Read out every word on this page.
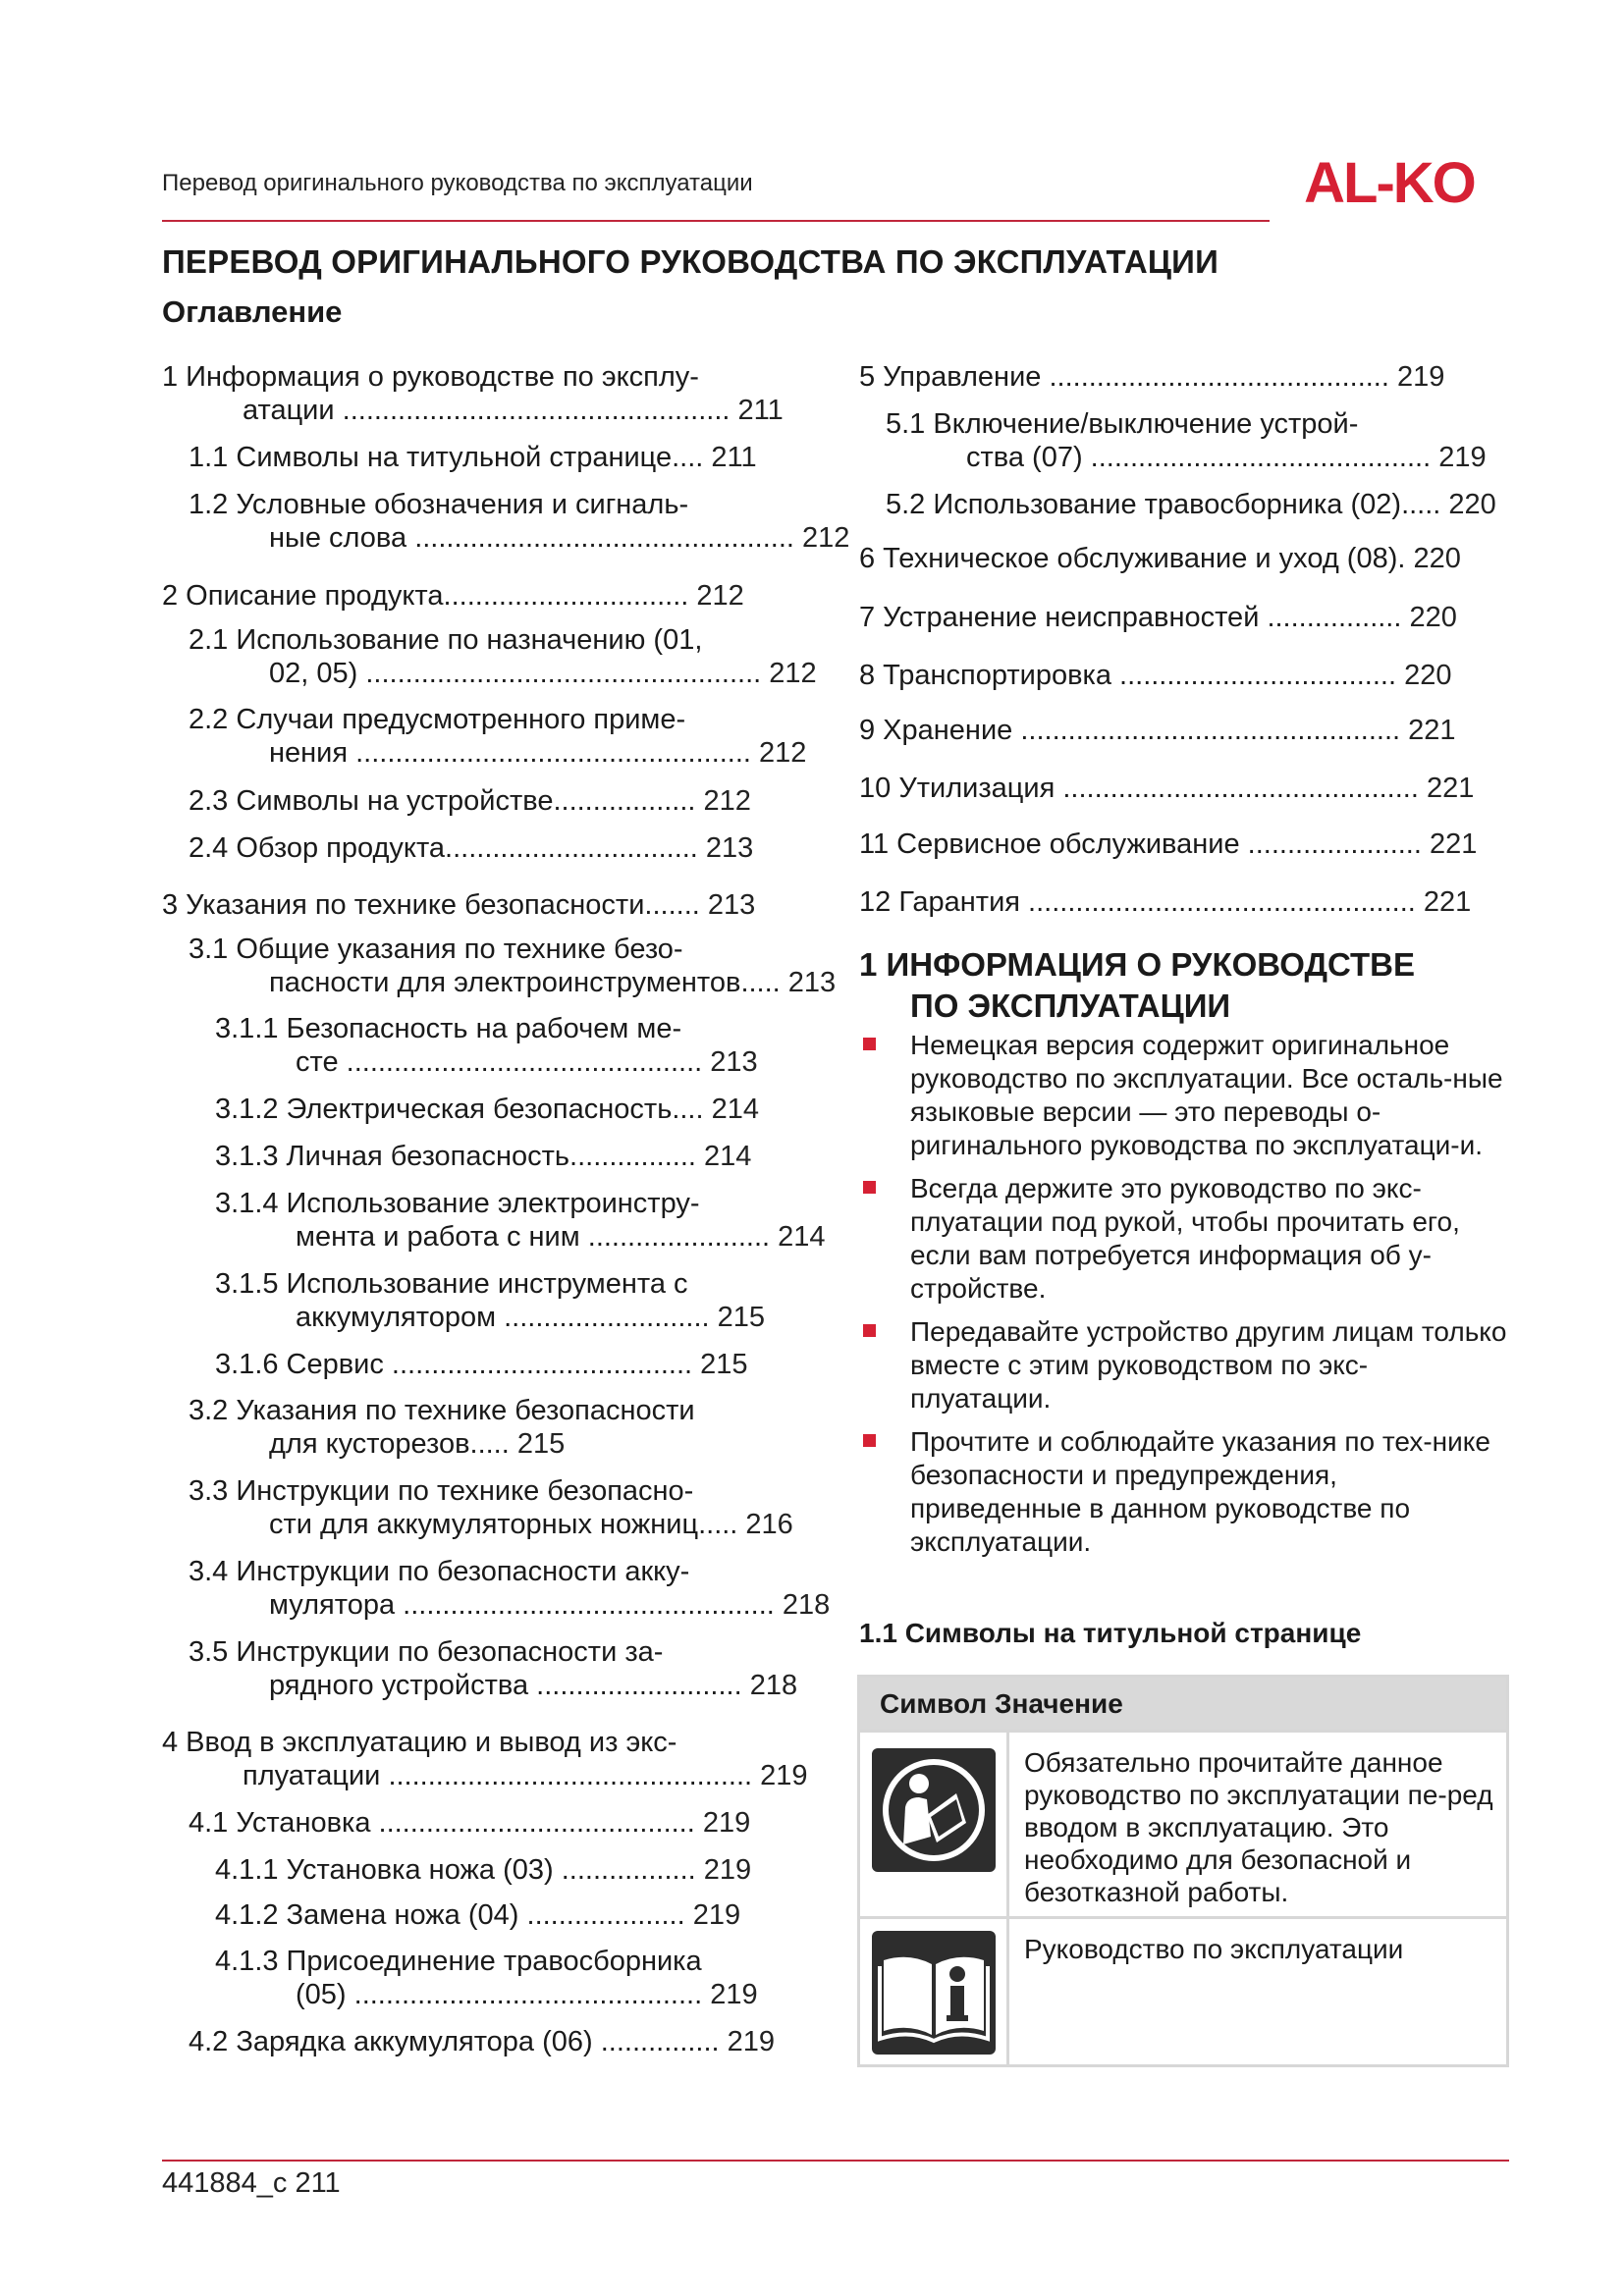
Перевод оригинального руководства по эксплуатации	AL-KO
ПЕРЕВОД ОРИГИНАЛЬНОГО РУКОВОДСТВА ПО ЭКСПЛУАТАЦИИ
Оглавление
1 Информация о руководстве по эксплу-
атации ................................................. 211
1.1 Символы на титульной странице.... 211
1.2 Условные обозначения и сигналь-
ные слова ................................................ 212
2 Описание продукта............................... 212
2.1 Использование по назначению (01,
02, 05) .................................................. 212
2.2 Случаи предусмотренного приме-
нения .................................................. 212
2.3 Символы на устройстве.................. 212
2.4 Обзор продукта................................ 213
3 Указания по технике безопасности....... 213
3.1 Общие указания по технике безо-
пасности для электроинструментов..... 213
3.1.1 Безопасность на рабочем ме-
сте ............................................. 213
3.1.2 Электрическая безопасность.... 214
3.1.3 Личная безопасность................ 214
3.1.4 Использование электроинстру-
мента и работа с ним ....................... 214
3.1.5 Использование инструмента с
аккумулятором .......................... 215
3.1.6 Сервис ...................................... 215
3.2 Указания по технике безопасности
для кусторезов..... 215
3.3 Инструкции по технике безопасно-
сти для аккумуляторных ножниц..... 216
3.4 Инструкции по безопасности акку-
мулятора ............................................... 218
3.5 Инструкции по безопасности за-
рядного устройства .......................... 218
4 Ввод в эксплуатацию и вывод из экс-
плуатации .............................................. 219
4.1 Установка ........................................ 219
4.1.1 Установка ножа (03) ................. 219
4.1.2 Замена ножа (04) .................... 219
4.1.3 Присоединение травосборника
(05) ............................................ 219
4.2 Зарядка аккумулятора (06) ............... 219
5 Управление ........................................... 219
5.1 Включение/выключение устрой-
ства (07) ........................................... 219
5.2 Использование травосборника (02)..... 220
6 Техническое обслуживание и уход (08). 220
7 Устранение неисправностей ................. 220
8 Транспортировка ................................... 220
9 Хранение ................................................ 221
10 Утилизация ............................................. 221
11 Сервисное обслуживание ...................... 221
12 Гарантия ................................................. 221
1 ИНФОРМАЦИЯ О РУКОВОДСТВЕ
ПО ЭКСПЛУАТАЦИИ
Немецкая версия содержит оригинальное руководство по эксплуатации. Все осталь-ные языковые версии — это переводы о-ригинального руководства по эксплуатаци-и.
Всегда держите это руководство по экс-плуатации под рукой, чтобы прочитать его, если вам потребуется информация об у-стройстве.
Передавайте устройство другим лицам только вместе с этим руководством по экс-плуатации.
Прочтите и соблюдайте указания по тех-нике безопасности и предупреждения, приведенные в данном руководстве по эксплуатации.
1.1 Символы на титульной странице
Символ Значение
Обязательно прочитайте данное руководство по эксплуатации пе-ред вводом в эксплуатацию. Это необходимо для безопасной и безотказной работы.
Руководство по эксплуатации
441884_c 211
